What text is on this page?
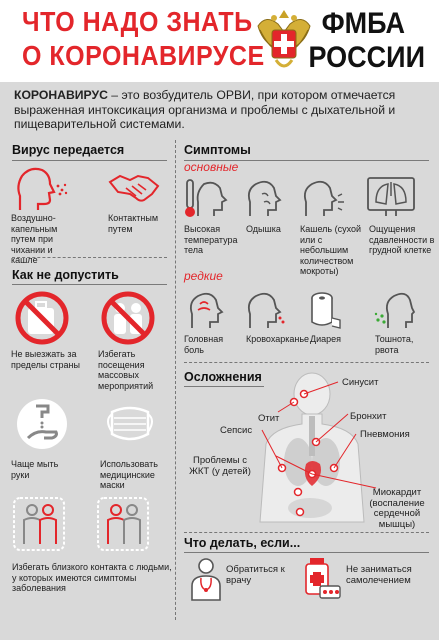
ЧТО НАДО ЗНАТЬ
О КОРОНАВИРУСЕ
ФМБА
РОССИИ
КОРОНАВИРУС – это возбудитель ОРВИ, при котором отмечается выраженная интоксикация организма и проблемы с дыхательной и пищеварительной системами.
Вирус передается
Воздушно-капельным путем при чихании и кашле
Контактным путем
Как не допустить
Не выезжать за пределы страны
Избегать посещения массовых мероприятий
Чаще мыть руки
Использовать медицинские маски
Избегать близкого контакта с людьми, у которых имеются симптомы заболевания
Симптомы
основные
Высокая температура тела
Одышка	Кашель (сухой или с небольшим количеством мокроты)
Ощущения сдавленности в грудной клетке
редкие
Головная боль
Кровохарканье Диарея	Тошнота, рвота
Осложнения	Синусит
Отит	Бронхит
Сепсис	Пневмония
Проблемы с ЖКТ (у детей)
Миокардит (воспаление сердечной мышцы)
Что делать, если...
Обратиться к врачу
Не заниматься самолечением
